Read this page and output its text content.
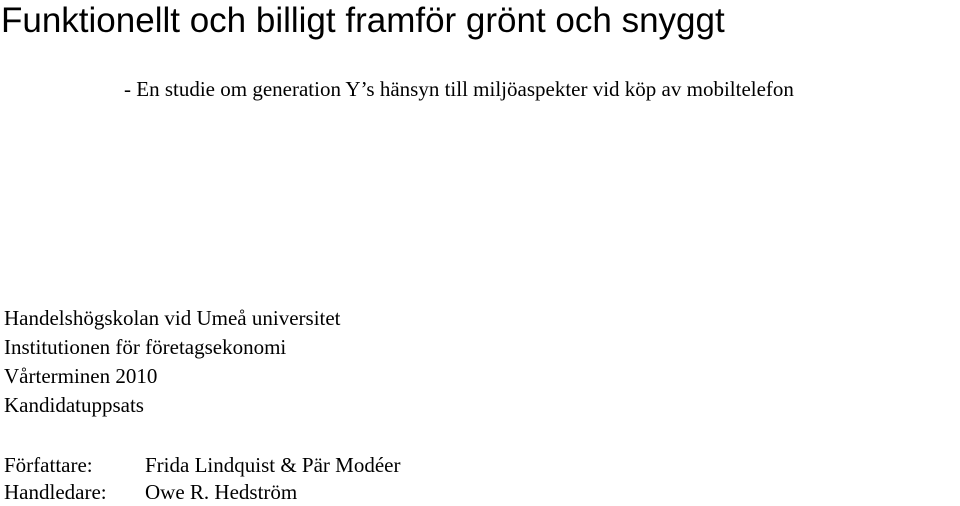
Funktionellt och billigt framför grönt och snyggt
- En studie om generation Y’s hänsyn till miljöaspekter vid köp av mobiltelefon
Handelshögskolan vid Umeå universitet
Institutionen för företagsekonomi
Vårterminen 2010
Kandidatuppsats
Författare: Frida Lindquist & Pär Modéer
Handledare: Owe R. Hedström
